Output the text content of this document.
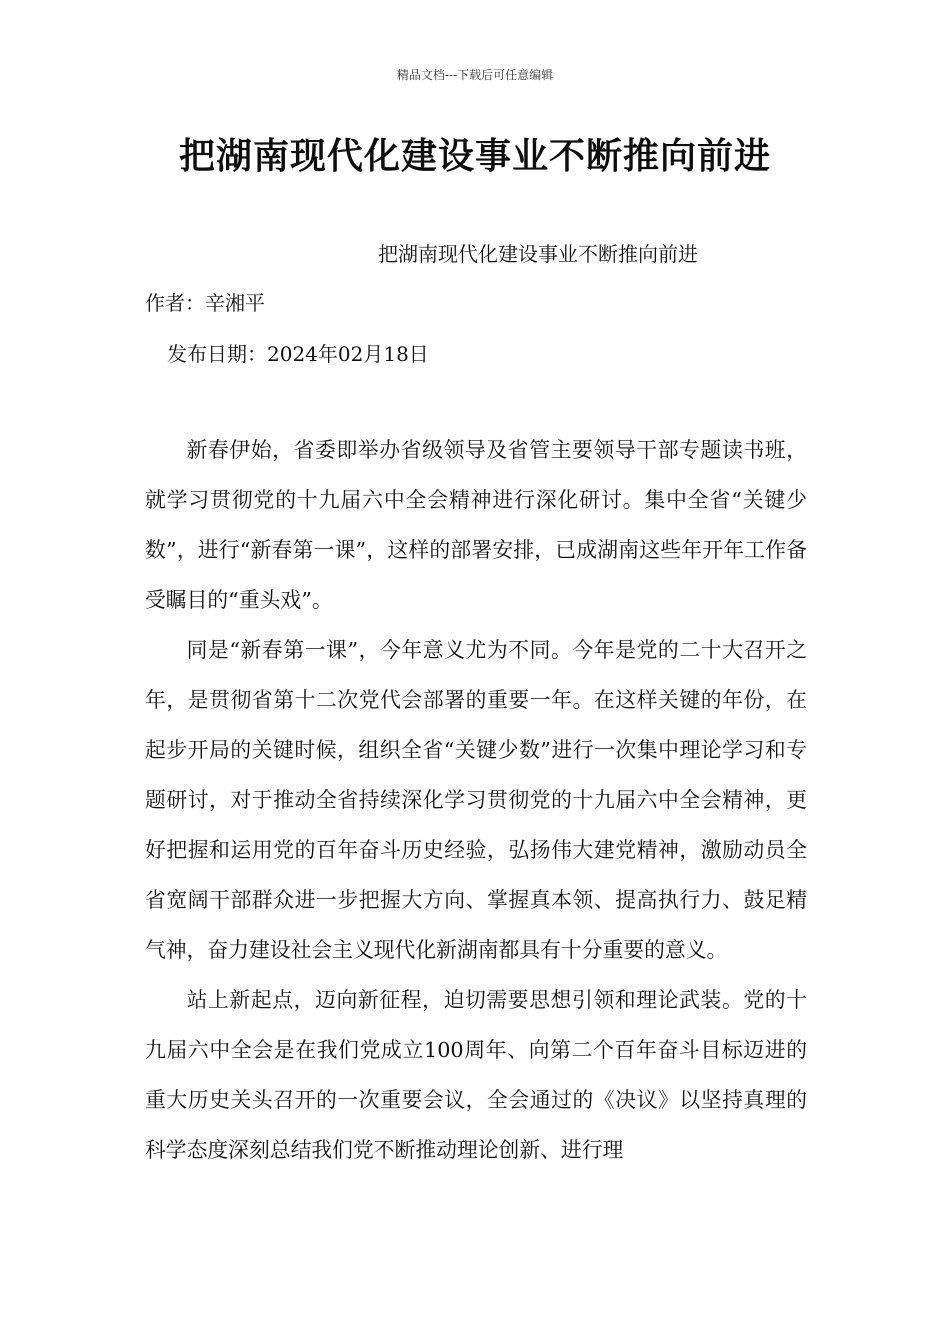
精品文档---下载后可任意编辑
把湖南现代化建设事业不断推向前进
把湖南现代化建设事业不断推向前进
作者：辛湘平
发布日期：2024年02月18日

新春伊始，省委即举办省级领导及省管主要领导干部专题读书班，就学习贯彻党的十九届六中全会精神进行深化研讨。集中全省“关键少数”，进行“新春第一课”，这样的部署安排，已成湖南这些年开年工作备受瞩目的“重头戏”。

同是“新春第一课”，今年意义尤为不同。今年是党的二十大召开之年，是贯彻省第十二次党代会部署的重要一年。在这样关键的年份，在起步开局的关键时候，组织全省“关键少数”进行一次集中理论学习和专题研讨，对于推动全省持续深化学习贯彻党的十九届六中全会精神，更好把握和运用党的百年奋斗历史经验，弘扬伟大建党精神，激励动员全省宽阔干部群众进一步把握大方向、掌握真本领、提高执行力、鼓足精气神，奋力建设社会主义现代化新湖南都具有十分重要的意义。

站上新起点，迈向新征程，迫切需要思想引领和理论武装。党的十九届六中全会是在我们党成立100周年、向第二个百年奋斗目标迈进的重大历史关头召开的一次重要会议，全会通过的《决议》以坚持真理的科学态度深刻总结我们党不断推动理论创新、进行理
